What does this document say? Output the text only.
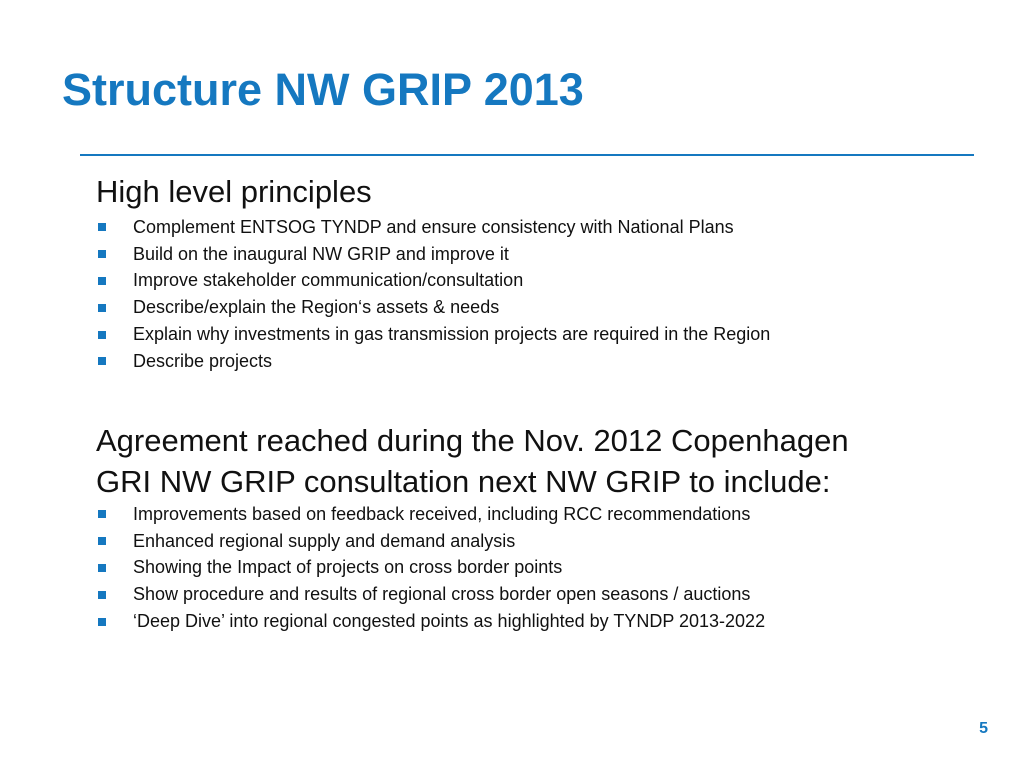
Structure NW GRIP 2013
High level principles
Complement ENTSOG TYNDP and ensure consistency with National Plans
Build on the inaugural NW GRIP and improve it
Improve stakeholder communication/consultation
Describe/explain the Region‘s assets & needs
Explain why investments in gas transmission projects are required in the Region
Describe projects
Agreement reached during the Nov. 2012 Copenhagen
GRI NW GRIP consultation next NW GRIP to include:
Improvements based on feedback received, including RCC recommendations
Enhanced regional supply and demand analysis
Showing the Impact of projects on cross border points
Show procedure and results of regional cross border open seasons / auctions
‘Deep Dive’ into regional congested points as highlighted by TYNDP 2013-2022
5
